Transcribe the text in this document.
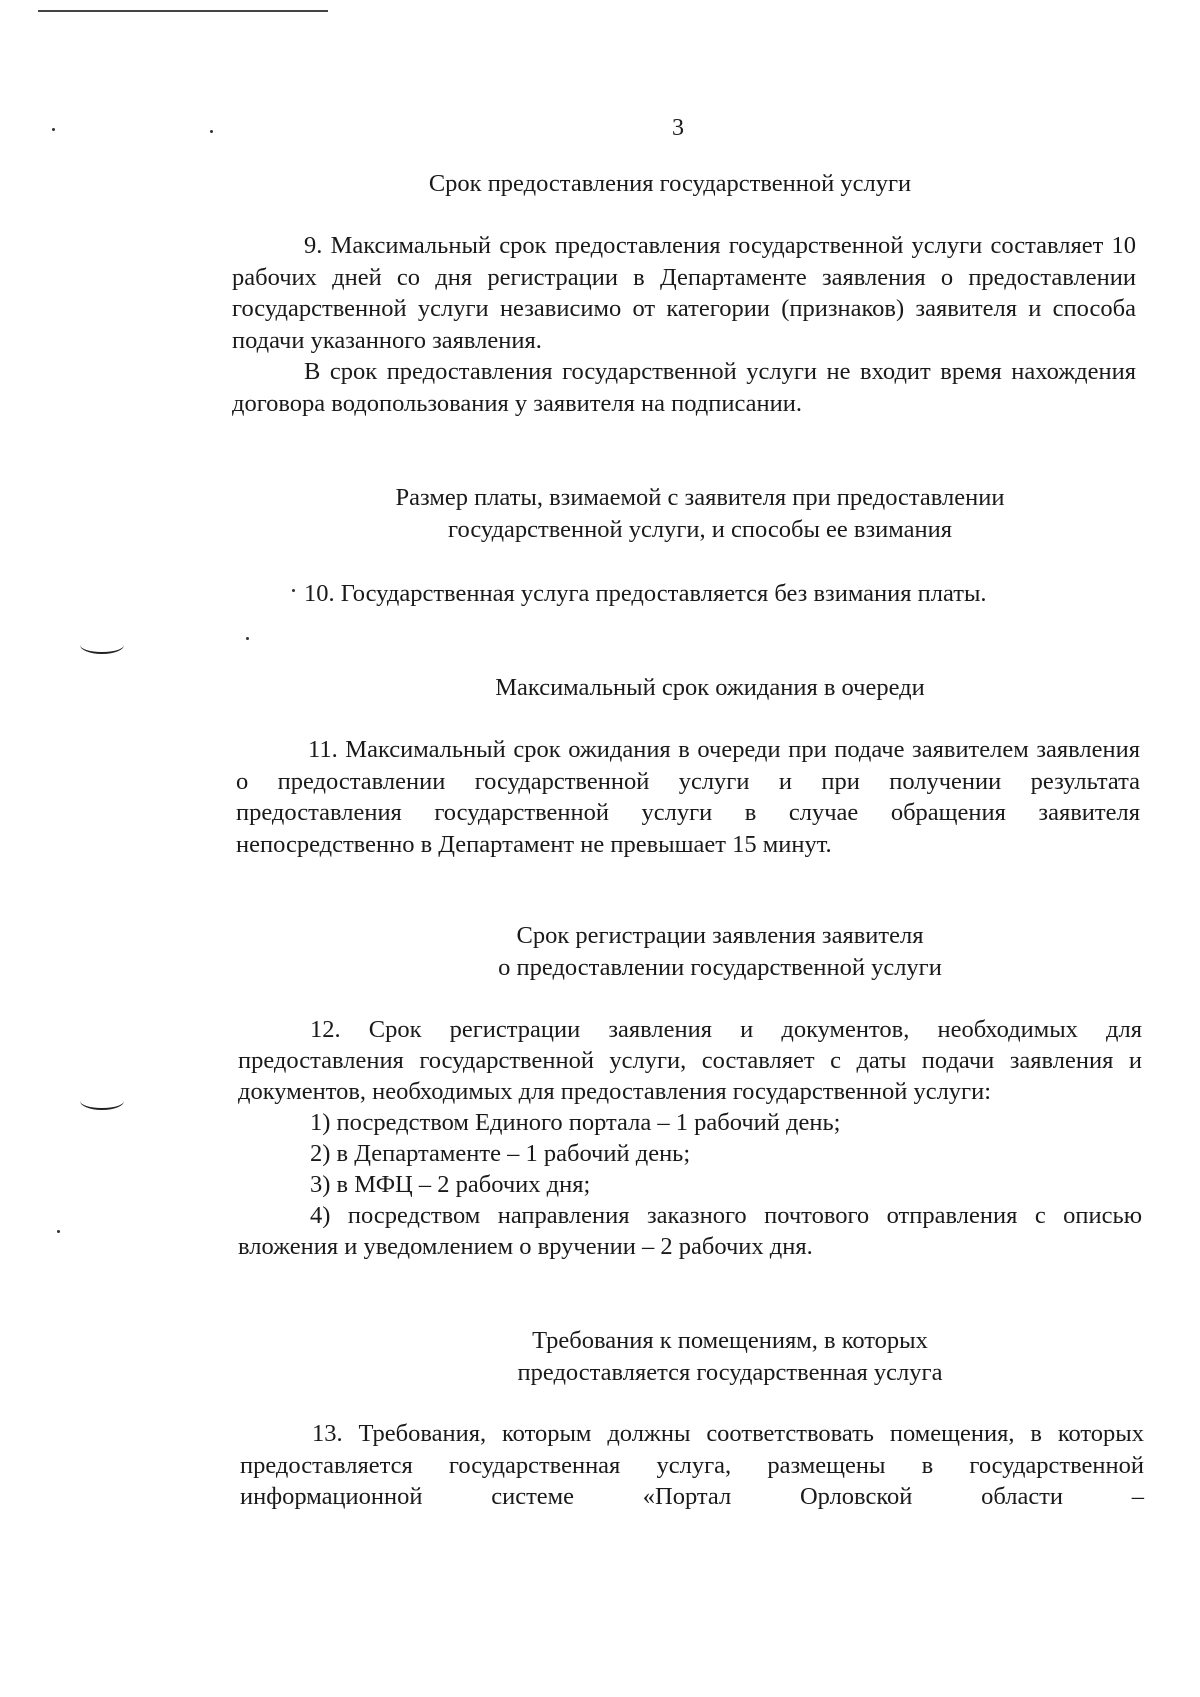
3
Срок предоставления государственной услуги

9. Максимальный срок предоставления государственной услуги составляет 10 рабочих дней со дня регистрации в Департаменте заявления о предоставлении государственной услуги независимо от категории (признаков) заявителя и способа подачи указанного заявления.

В срок предоставления государственной услуги не входит время нахождения договора водопользования у заявителя на подписании.

Размер платы, взимаемой с заявителя при предоставлении
государственной услуги, и способы ее взимания

10. Государственная услуга предоставляется без взимания платы.

Максимальный срок ожидания в очереди

11. Максимальный срок ожидания в очереди при подаче заявителем заявления о предоставлении государственной услуги и при получении результата предоставления государственной услуги в случае обращения заявителя непосредственно в Департамент не превышает 15 минут.

Срок регистрации заявления заявителя
о предоставлении государственной услуги

12. Срок регистрации заявления и документов, необходимых для предоставления государственной услуги, составляет с даты подачи заявления и документов, необходимых для предоставления государственной услуги:

1) посредством Единого портала – 1 рабочий день;

2) в Департаменте – 1 рабочий день;

3) в МФЦ – 2 рабочих дня;

4) посредством направления заказного почтового отправления с описью вложения и уведомлением о вручении – 2 рабочих дня.

Требования к помещениям, в которых
предоставляется государственная услуга

13. Требования, которым должны соответствовать помещения, в которых предоставляется государственная услуга, размещены в государственной информационной системе «Портал Орловской области –
